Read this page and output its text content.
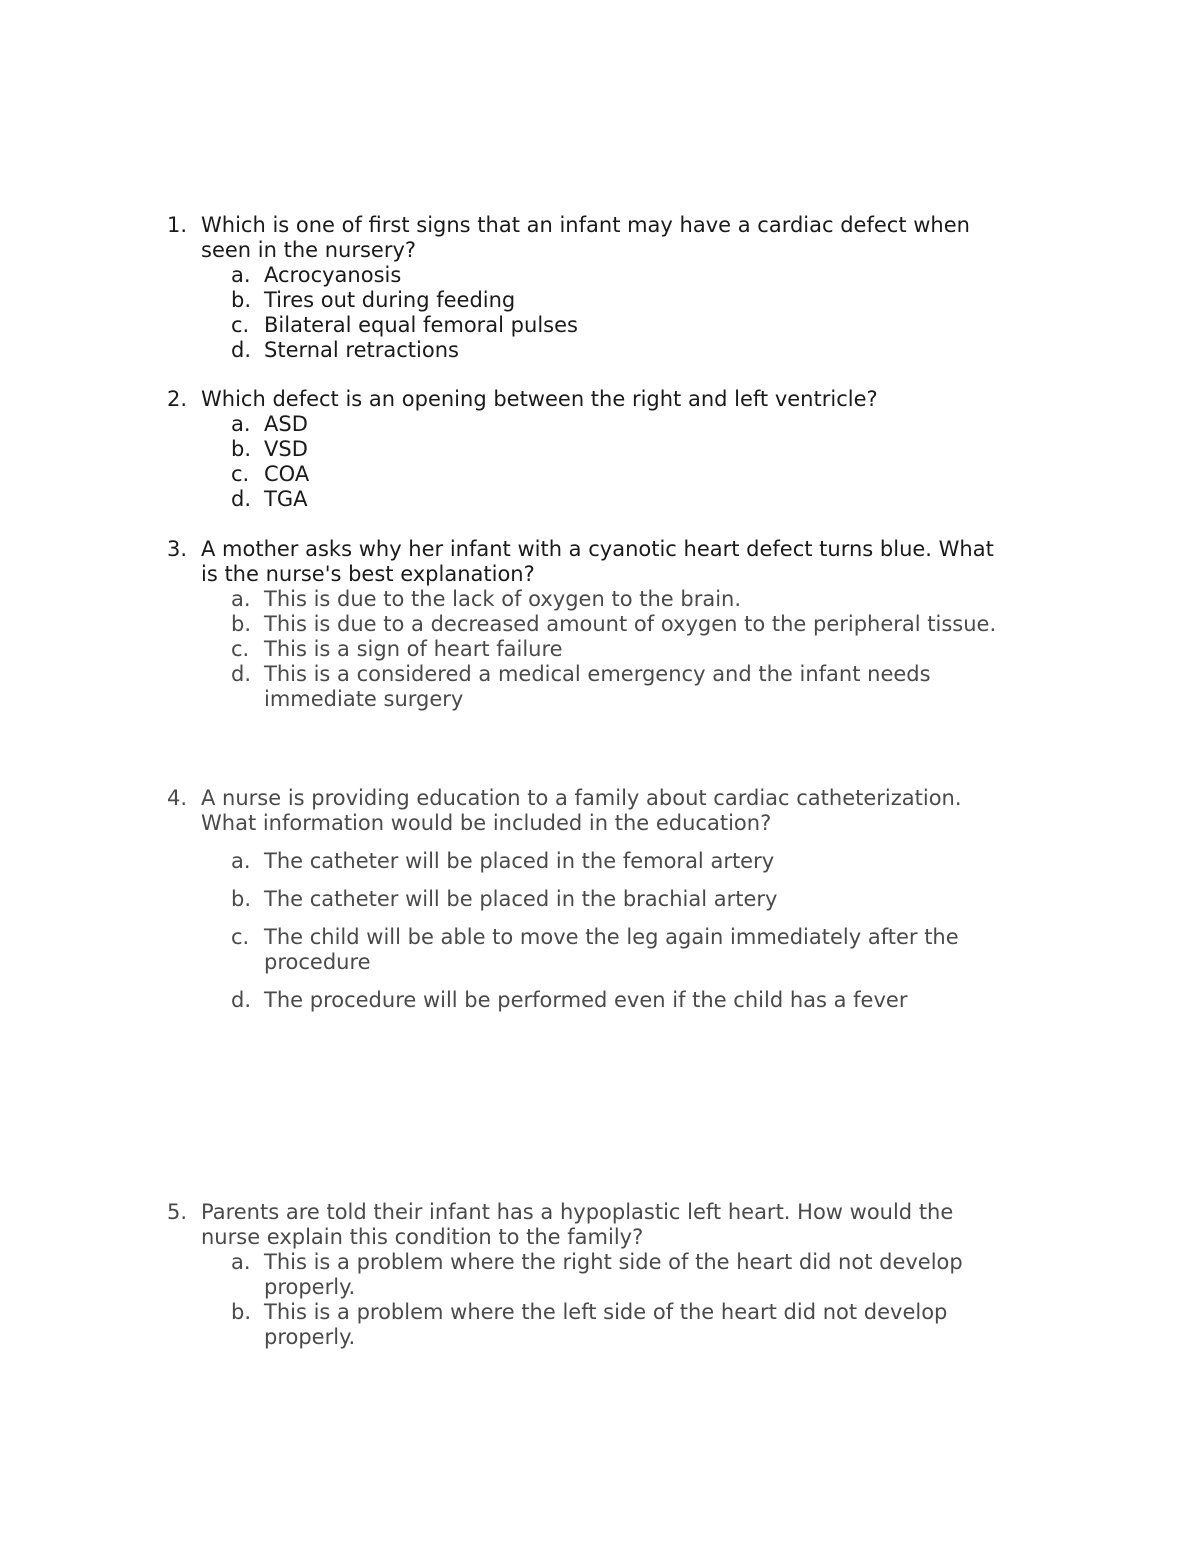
1. Which is one of first signs that an infant may have a cardiac defect when seen in the nursery?
a. Acrocyanosis
b. Tires out during feeding
c. Bilateral equal femoral pulses
d. Sternal retractions
2. Which defect is an opening between the right and left ventricle?
a. ASD
b. VSD
c. COA
d. TGA
3. A mother asks why her infant with a cyanotic heart defect turns blue. What is the nurse's best explanation?
a. This is due to the lack of oxygen to the brain.
b. This is due to a decreased amount of oxygen to the peripheral tissue.
c. This is a sign of heart failure
d. This is a considered a medical emergency and the infant needs immediate surgery
4. A nurse is providing education to a family about cardiac catheterization. What information would be included in the education?
a. The catheter will be placed in the femoral artery
b. The catheter will be placed in the brachial artery
c. The child will be able to move the leg again immediately after the procedure
d. The procedure will be performed even if the child has a fever
5. Parents are told their infant has a hypoplastic left heart. How would the nurse explain this condition to the family?
a. This is a problem where the right side of the heart did not develop properly.
b. This is a problem where the left side of the heart did not develop properly.
